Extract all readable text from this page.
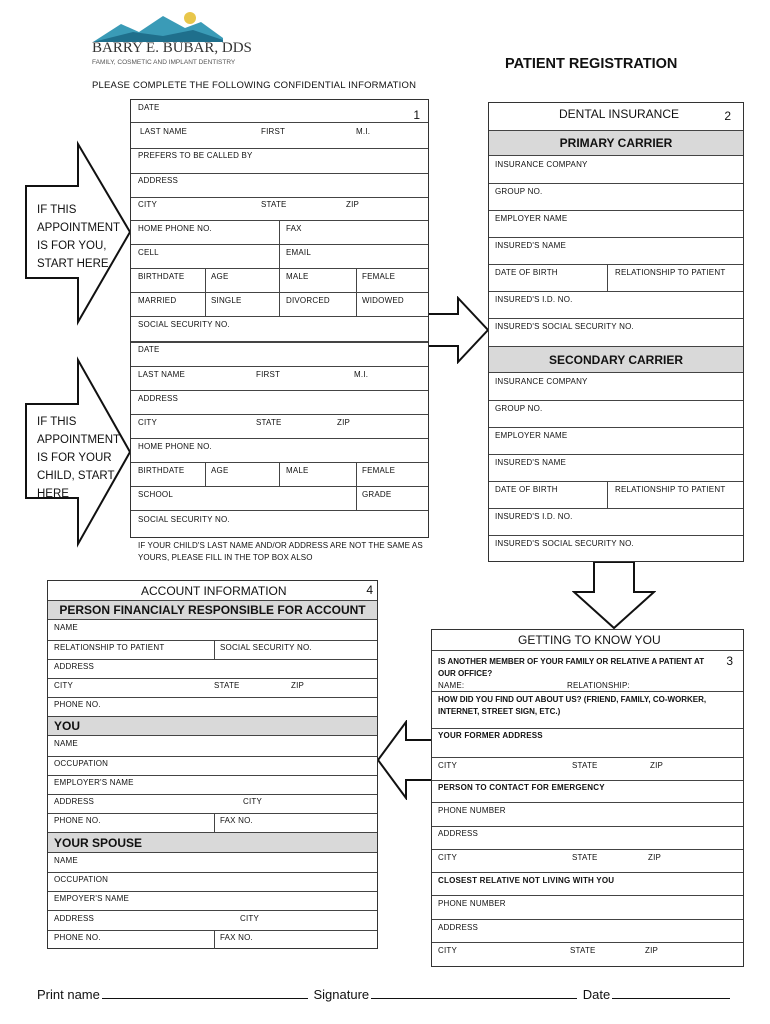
BARRY E. BUBAR, DDS
FAMILY, COSMETIC AND IMPLANT DENTISTRY	PATIENT REGISTRATION
PLEASE COMPLETE THE FOLLOWING CONFIDENTIAL INFORMATION
IF THIS APPOINTMENT IS FOR YOU, START HERE
IF THIS APPOINTMENT IS FOR YOUR CHILD, START HERE
1
DATE
LAST NAME	FIRST	M.I.
PREFERS TO BE CALLED BY
ADDRESS
CITY	STATE	ZIP
HOME PHONE NO.	FAX
CELL	EMAIL
BIRTHDATE	AGE	MALE	FEMALE
MARRIED	SINGLE	DIVORCED	WIDOWED
SOCIAL SECURITY NO.
DATE
LAST NAME	FIRST	M.I.
ADDRESS
CITY	STATE	ZIP
HOME PHONE NO.
BIRTHDATE	AGE	MALE	FEMALE
SCHOOL	GRADE
SOCIAL SECURITY NO.
IF YOUR CHILD'S LAST NAME AND/OR ADDRESS ARE NOT THE SAME AS YOURS, PLEASE FILL IN THE TOP BOX ALSO
DENTAL INSURANCE	2
PRIMARY CARRIER
INSURANCE COMPANY
GROUP NO.
EMPLOYER NAME
INSURED'S NAME
DATE OF BIRTH	RELATIONSHIP TO PATIENT
INSURED'S I.D. NO.
INSURED'S SOCIAL SECURITY NO.
SECONDARY CARRIER
INSURANCE COMPANY
GROUP NO.
EMPLOYER NAME
INSURED'S NAME
DATE OF BIRTH	RELATIONSHIP TO PATIENT
INSURED'S I.D. NO.
INSURED'S SOCIAL SECURITY NO.
GETTING TO KNOW YOU
3
IS ANOTHER MEMBER OF YOUR FAMILY OR RELATIVE A PATIENT AT OUR OFFICE?
NAME:	RELATIONSHIP:
HOW DID YOU FIND OUT ABOUT US? (FRIEND, FAMILY, CO-WORKER, INTERNET, STREET SIGN, ETC.)
YOUR FORMER ADDRESS
CITY	STATE	ZIP
PERSON TO CONTACT FOR EMERGENCY
PHONE NUMBER
ADDRESS
CITY	STATE	ZIP
CLOSEST RELATIVE NOT LIVING WITH YOU
PHONE NUMBER
ADDRESS
CITY	STATE	ZIP
ACCOUNT INFORMATION	4
PERSON FINANCIALY RESPONSIBLE FOR ACCOUNT
NAME
RELATIONSHIP TO PATIENT	SOCIAL SECURITY NO.
ADDRESS
CITY	STATE	ZIP
PHONE NO.
YOU
NAME
OCCUPATION
EMPLOYER'S NAME
ADDRESS	CITY
PHONE NO.	FAX NO.
YOUR SPOUSE
NAME
OCCUPATION
EMPOYER'S NAME
ADDRESS	CITY
PHONE NO.	FAX NO.
Print name	Signature	Date
